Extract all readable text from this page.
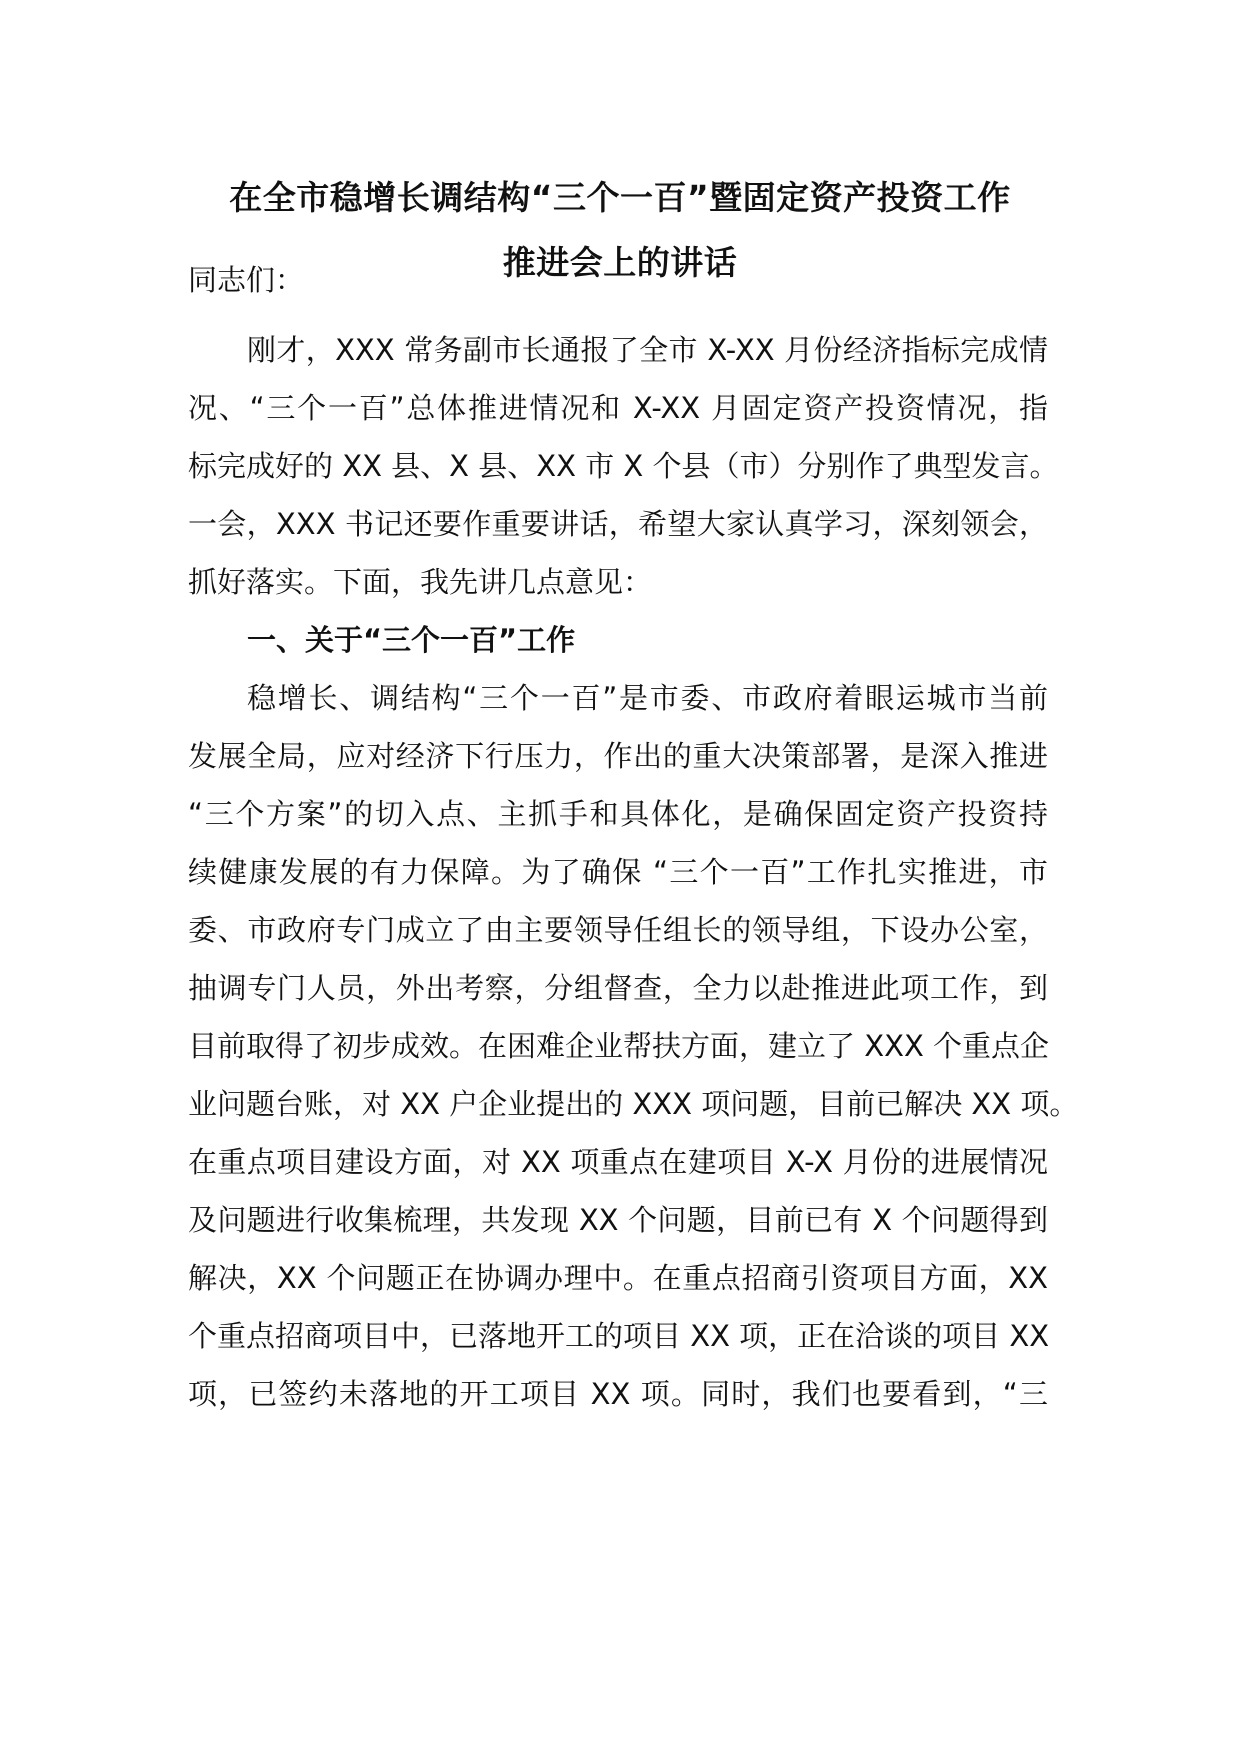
在全市稳增长调结构“三个一百”暨固定资产投资工作
推进会上的讲话
同志们：
刚才，XXX 常务副市长通报了全市 X-XX 月份经济指标完成情
况、“三个一百”总体推进情况和 X-XX 月固定资产投资情况，指
标完成好的 XX 县、X 县、XX 市 X 个县（市）分别作了典型发言。
一会，XXX 书记还要作重要讲话，希望大家认真学习，深刻领会，
抓好落实。下面，我先讲几点意见：
一、关于“三个一百”工作
稳增长、调结构“三个一百”是市委、市政府着眼运城市当前
发展全局，应对经济下行压力，作出的重大决策部署，是深入推进
“三个方案”的切入点、主抓手和具体化，是确保固定资产投资持
续健康发展的有力保障。为了确保 “三个一百”工作扎实推进，市
委、市政府专门成立了由主要领导任组长的领导组，下设办公室，
抽调专门人员，外出考察，分组督查，全力以赴推进此项工作，到
目前取得了初步成效。在困难企业帮扶方面，建立了 XXX 个重点企
业问题台账，对 XX 户企业提出的 XXX 项问题，目前已解决 XX 项。
在重点项目建设方面，对 XX 项重点在建项目 X-X 月份的进展情况
及问题进行收集梳理，共发现 XX 个问题，目前已有 X 个问题得到
解决，XX 个问题正在协调办理中。在重点招商引资项目方面，XX
个重点招商项目中，已落地开工的项目 XX 项，正在洽谈的项目 XX
项，已签约未落地的开工项目 XX 项。同时，我们也要看到，“三
